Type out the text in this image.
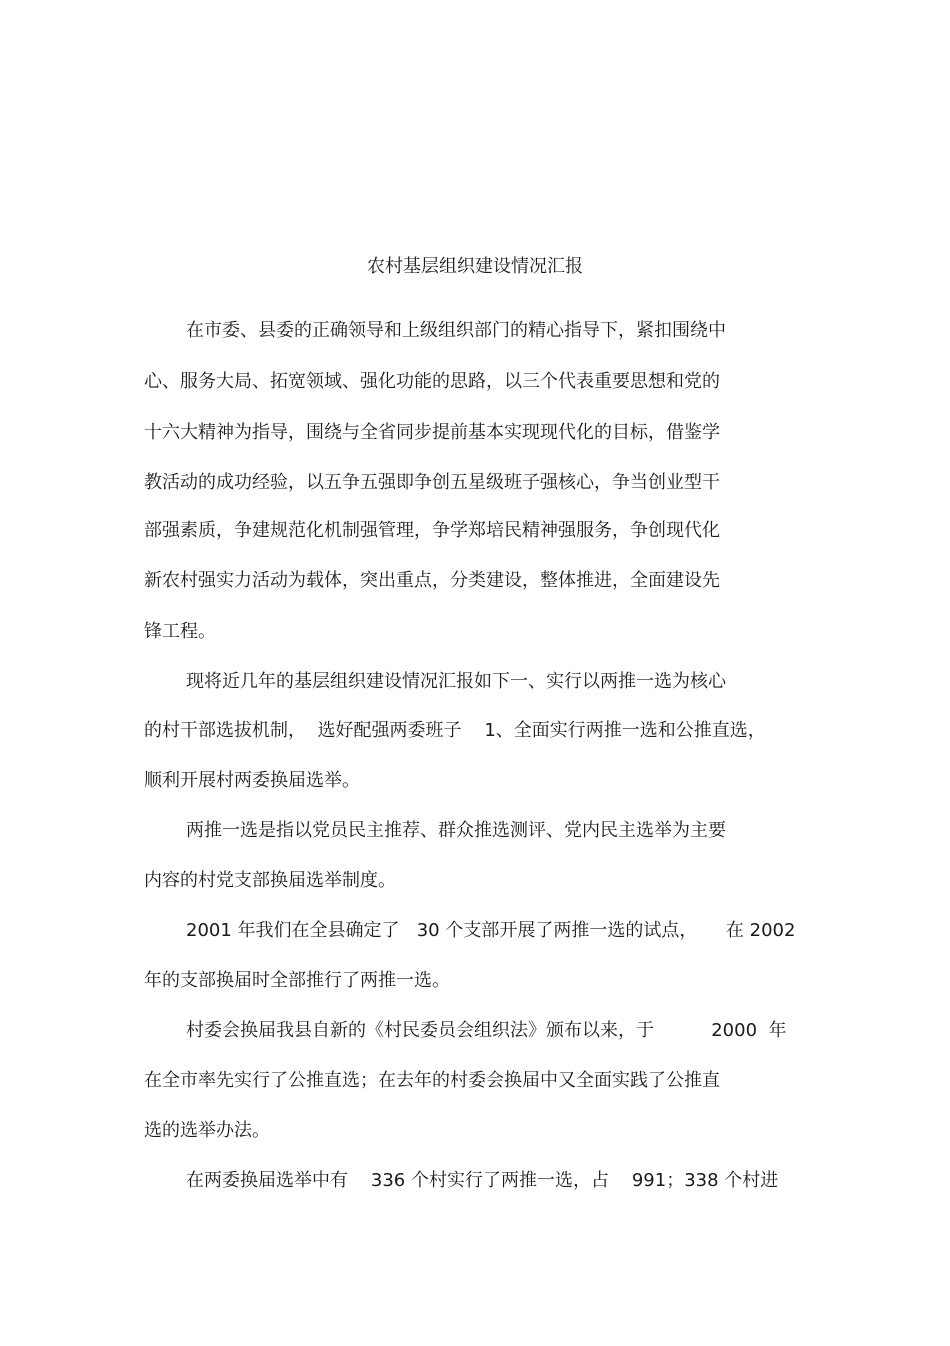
农村基层组织建设情况汇报
在市委、县委的正确领导和上级组织部门的精心指导下，紧扣围绕中
心、服务大局、拓宽领域、强化功能的思路，以三个代表重要思想和党的
十六大精神为指导，围绕与全省同步提前基本实现现代化的目标，借鉴学
教活动的成功经验，以五争五强即争创五星级班子强核心，争当创业型干
部强素质，争建规范化机制强管理，争学郑培民精神强服务，争创现代化
新农村强实力活动为载体，突出重点，分类建设，整体推进，全面建设先
锋工程。
现将近几年的基层组织建设情况汇报如下一、实行以两推一选为核心
的村干部选拔机制，  选好配强两委班子    1、全面实行两推一选和公推直选，
顺利开展村两委换届选举。
两推一选是指以党员民主推荐、群众推选测评、党内民主选举为主要
内容的村党支部换届选举制度。
2001 年我们在全县确定了   30 个支部开展了两推一选的试点，     在 2002
年的支部换届时全部推行了两推一选。
村委会换届我县自新的《村民委员会组织法》颁布以来，于          2000  年
在全市率先实行了公推直选；在去年的村委会换届中又全面实践了公推直
选的选举办法。
在两委换届选举中有    336 个村实行了两推一选，占    991；338 个村进
